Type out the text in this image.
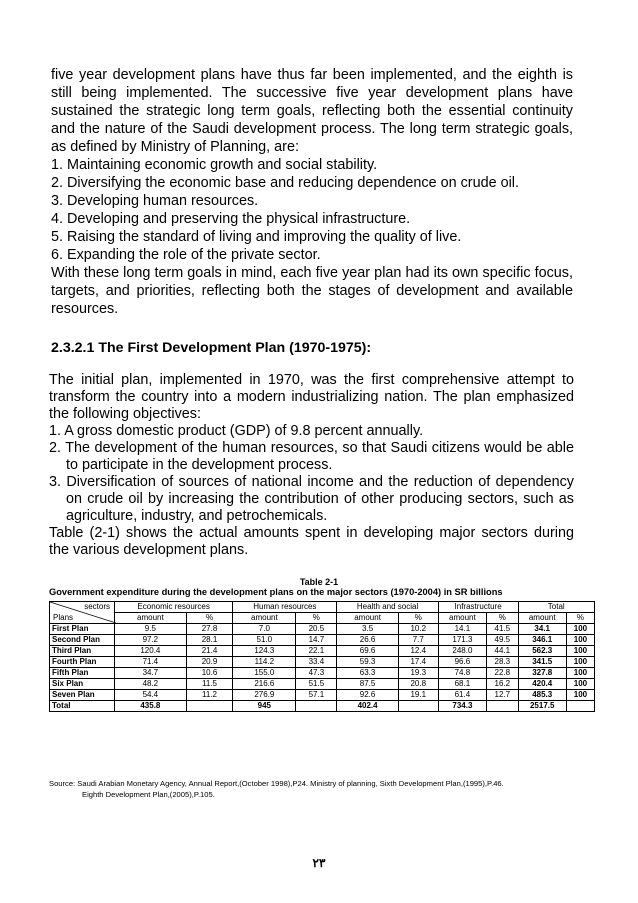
five year development plans have thus far been implemented, and the eighth is still being implemented. The successive five year development plans have sustained the strategic long term goals, reflecting both the essential continuity and the nature of the Saudi development process. The long term strategic goals, as defined by Ministry of Planning, are:

1. Maintaining economic growth and social stability.
2. Diversifying the economic base and reducing dependence on crude oil.
3. Developing human resources.
4. Developing and preserving the physical infrastructure.
5. Raising the standard of living and improving the quality of live.
6. Expanding the role of the private sector.

With these long term goals in mind, each five year plan had its own specific focus, targets, and priorities, reflecting both the stages of development and available resources.

2.3.2.1 The First Development Plan (1970-1975):

The initial plan, implemented in 1970, was the first comprehensive attempt to transform the country into a modern industrializing nation. The plan emphasized the following objectives:

1. A gross domestic product (GDP) of 9.8 percent annually.

2. The development of the human resources, so that Saudi citizens would be able to participate in the development process.

3. Diversification of sources of national income and the reduction of dependency on crude oil by increasing the contribution of other producing sectors, such as agriculture, industry, and petrochemicals.

Table (2-1) shows the actual amounts spent in developing major sectors during the various development plans.

Table 2-1
Government expenditure during the development plans on the major sectors (1970-2004) in SR billions
sectors
Plans	Economic resources		Human resources		Health and social		Infrastructure		Total	
	amount	%	amount	%	amount	%	amount	%	amount	%
First Plan	9.5	27.8	7.0	20.5	3.5	10.2	14.1	41.5	34.1	100
Second Plan	97.2	28.1	51.0	14.7	26.6	7.7	171.3	49.5	346.1	100
Third Plan	120.4	21.4	124.3	22.1	69.6	12.4	248.0	44.1	562.3	100
Fourth Plan	71.4	20.9	114.2	33.4	59.3	17.4	96.6	28.3	341.5	100
Fifth Plan	34.7	10.6	155.0	47.3	63.3	19.3	74.8	22.8	327.8	100
Six Plan	48.2	11.5	216.6	51.5	87.5	20.8	68.1	16.2	420.4	100
Seven Plan	54.4	11.2	276.9	57.1	92.6	19.1	61.4	12.7	485.3	100
Total	435.8		945		402.4		734.3		2517.5	
Source: Saudi Arabian Monetary Agency, Annual Report,(October 1998),P24. Ministry of planning, Sixth Development Plan,(1995),P.46.
Eighth Development Plan,(2005),P.105.
٢٣
